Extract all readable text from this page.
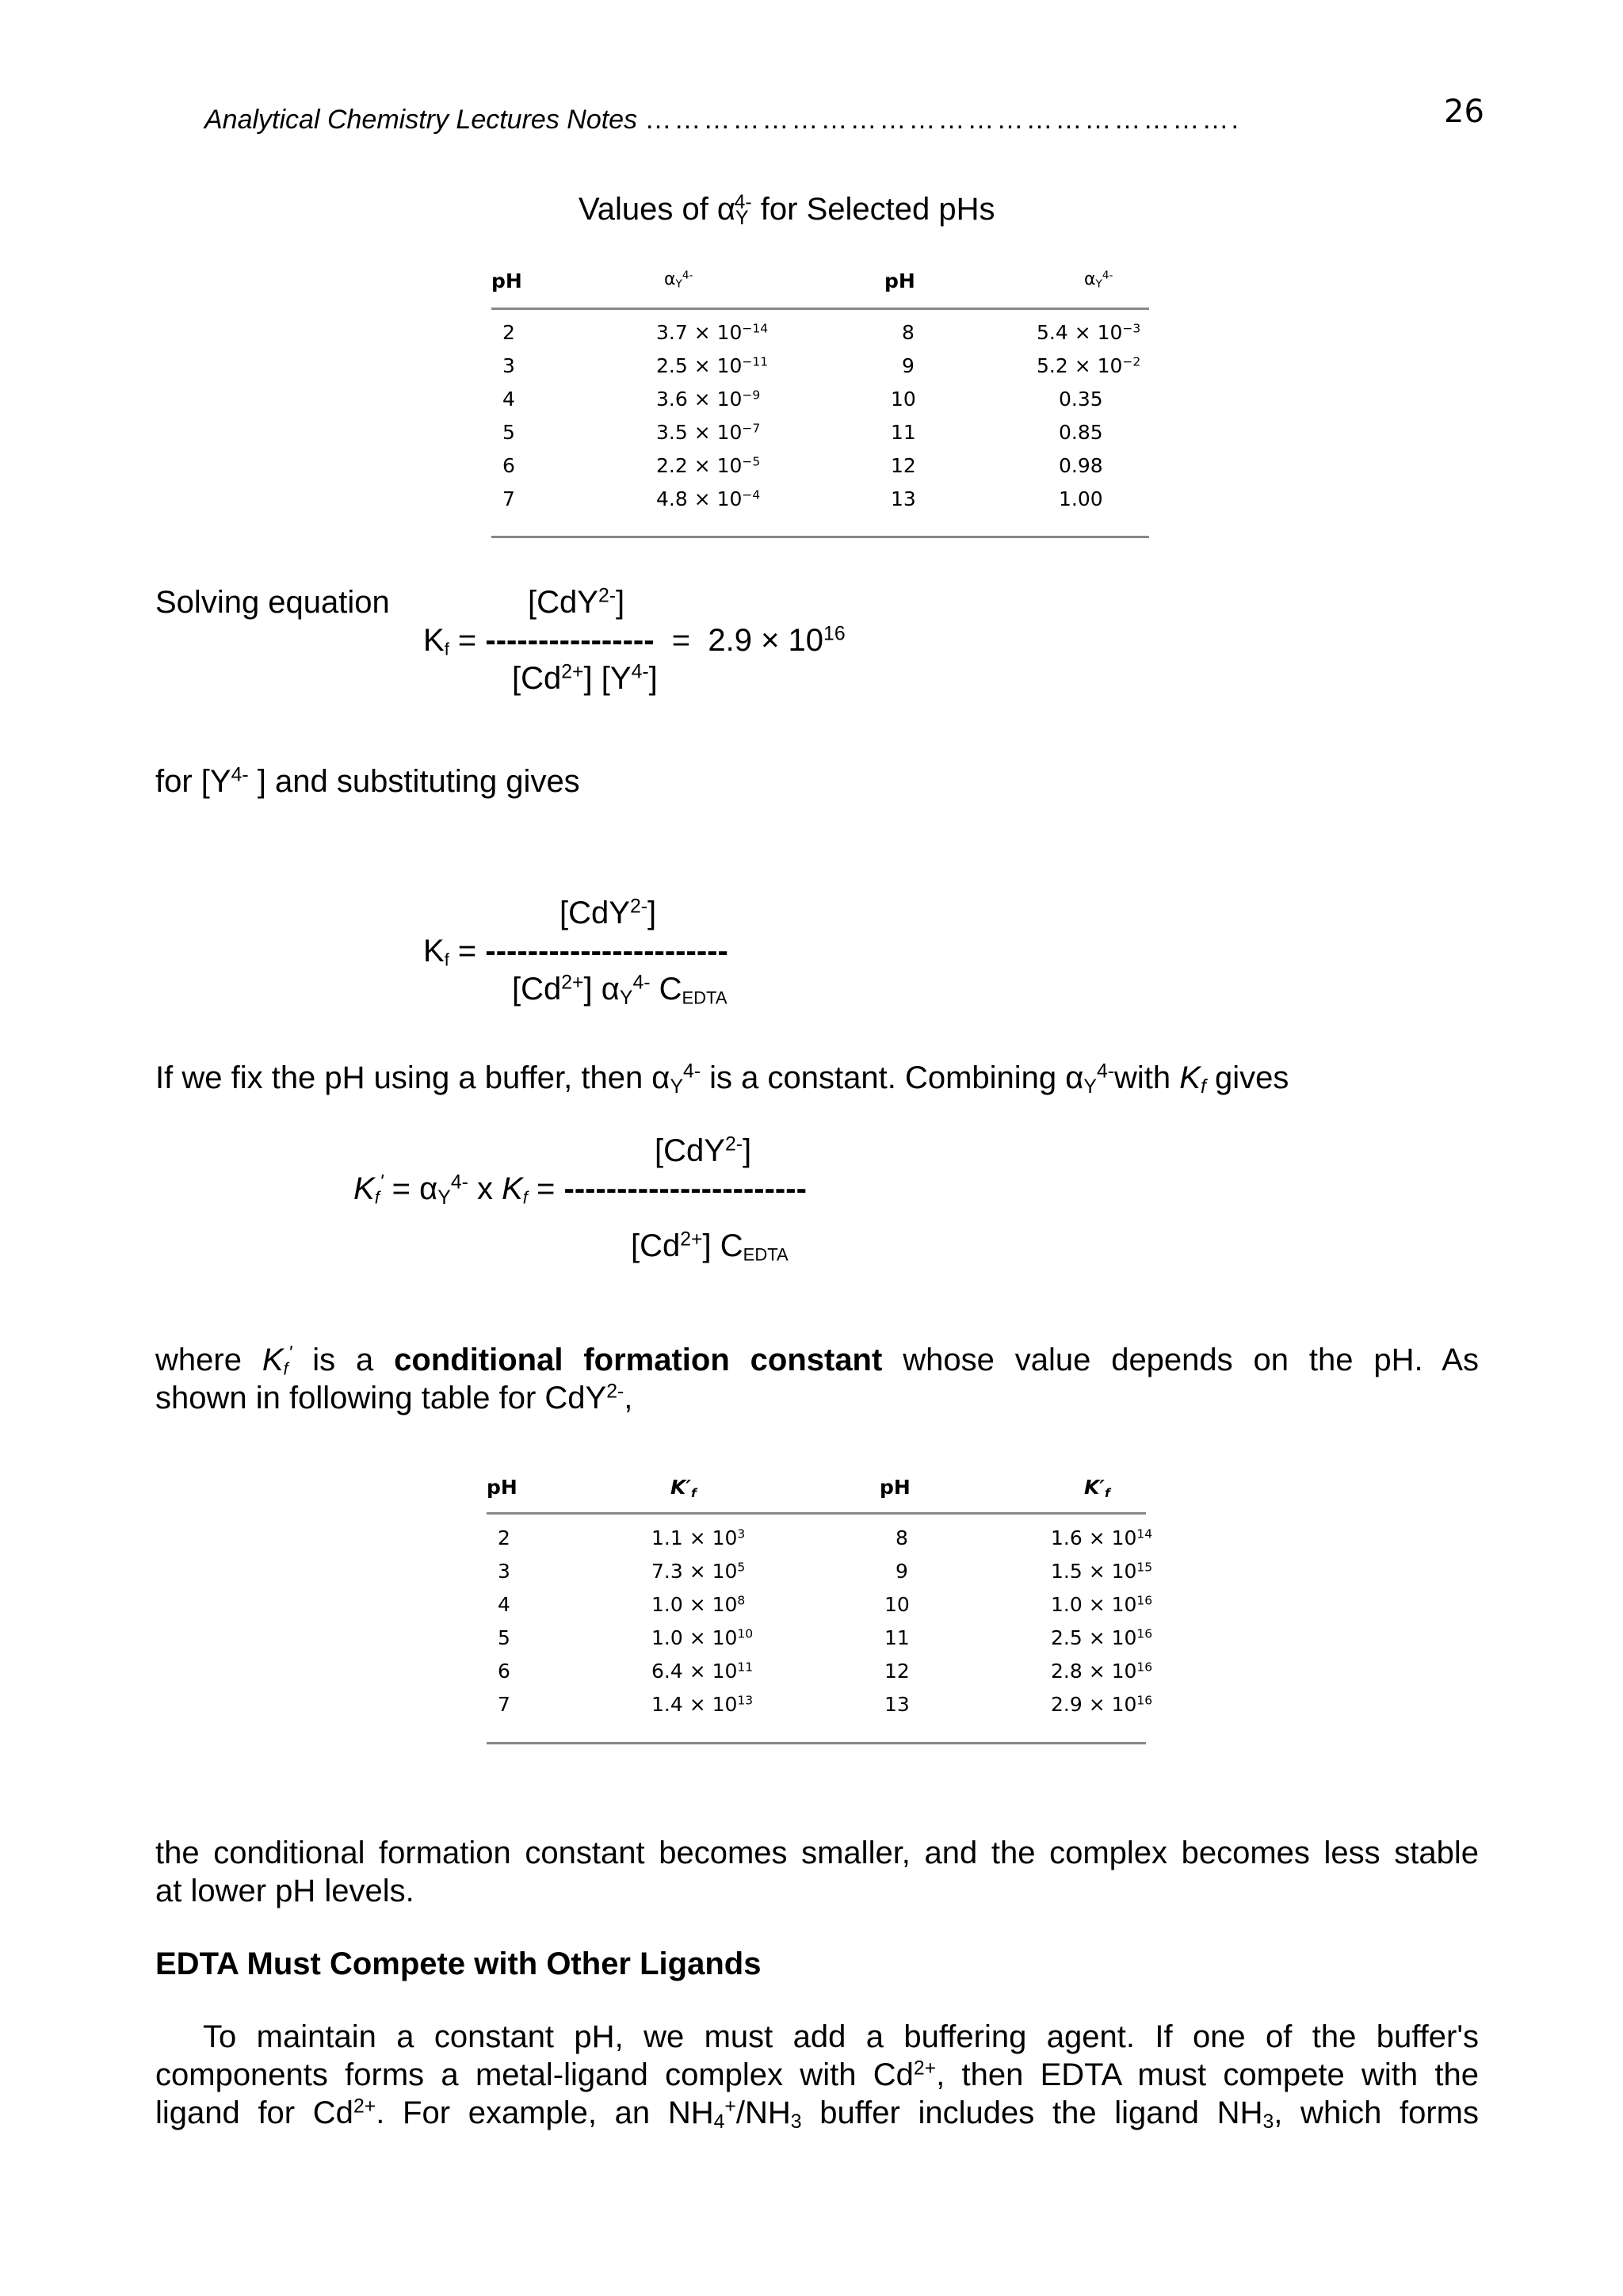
Analytical Chemistry Lectures Notes …………………………………………………….	26
Values of $\alpha_Y^{4-}$ for Selected pHs
pH	$\alpha_Y^{4-}$	pH	$\alpha_Y^{4-}$
2	$3.7 \times 10^{-14}$	8	$5.4 \times 10^{-3}$
3	$2.5 \times 10^{-11}$	9	$5.2 \times 10^{-2}$
4	$3.6 \times 10^{-9}$	10	0.35
5	$3.5 \times 10^{-7}$	11	0.85
6	$2.2 \times 10^{-5}$	12	0.98
7	$4.8 \times 10^{-4}$	13	1.00
Solving equation	[CdY$^{2-}$]
$K_f$ = ----------------  =  $2.9 \times 10^{16}$
$[Cd^{2+}]$ $[Y^{4-}]$
for [$Y^{4-}$ ] and substituting gives
[CdY$^{2-}$]
$K_f$ = -----------------------
$[Cd^{2+}]$ $\alpha_Y^{4-}$ $C_{EDTA}$
If we fix the pH using a buffer, then $\alpha_Y^{4-}$ is a constant. Combining $\alpha_Y^{4-}with$ $K_f$ gives
[CdY$^{2-}$]
$K_f' = \alpha_Y^{4-}$ x $K_f$ = -----------------------
$[Cd^{2+}]$ $C_{EDTA}$
where $K_f'$ is a conditional formation constant whose value depends on the pH. As
shown in following table for CdY$^{2-}$,
pH	$K'_f$	pH	$K'_f$
2	$1.1 \times 10^3$	8	$1.6 \times 10^{14}$
3	$7.3 \times 10^5$	9	$1.5 \times 10^{15}$
4	$1.0 \times 10^8$	10	$1.0 \times 10^{16}$
5	$1.0 \times 10^{10}$	11	$2.5 \times 10^{16}$
6	$6.4 \times 10^{11}$	12	$2.8 \times 10^{16}$
7	$1.4 \times 10^{13}$	13	$2.9 \times 10^{16}$
the conditional formation constant becomes smaller, and the complex becomes less stable
at lower pH levels.
EDTA Must Compete with Other Ligands
To maintain a constant pH, we must add a buffering agent. If one of the buffer's
components forms a metal-ligand complex with $Cd^{2+}$, then EDTA must compete with the
ligand for $Cd^{2+}$. For example, an $NH_4^+/NH_3$ buffer includes the ligand $NH_3$, which forms
